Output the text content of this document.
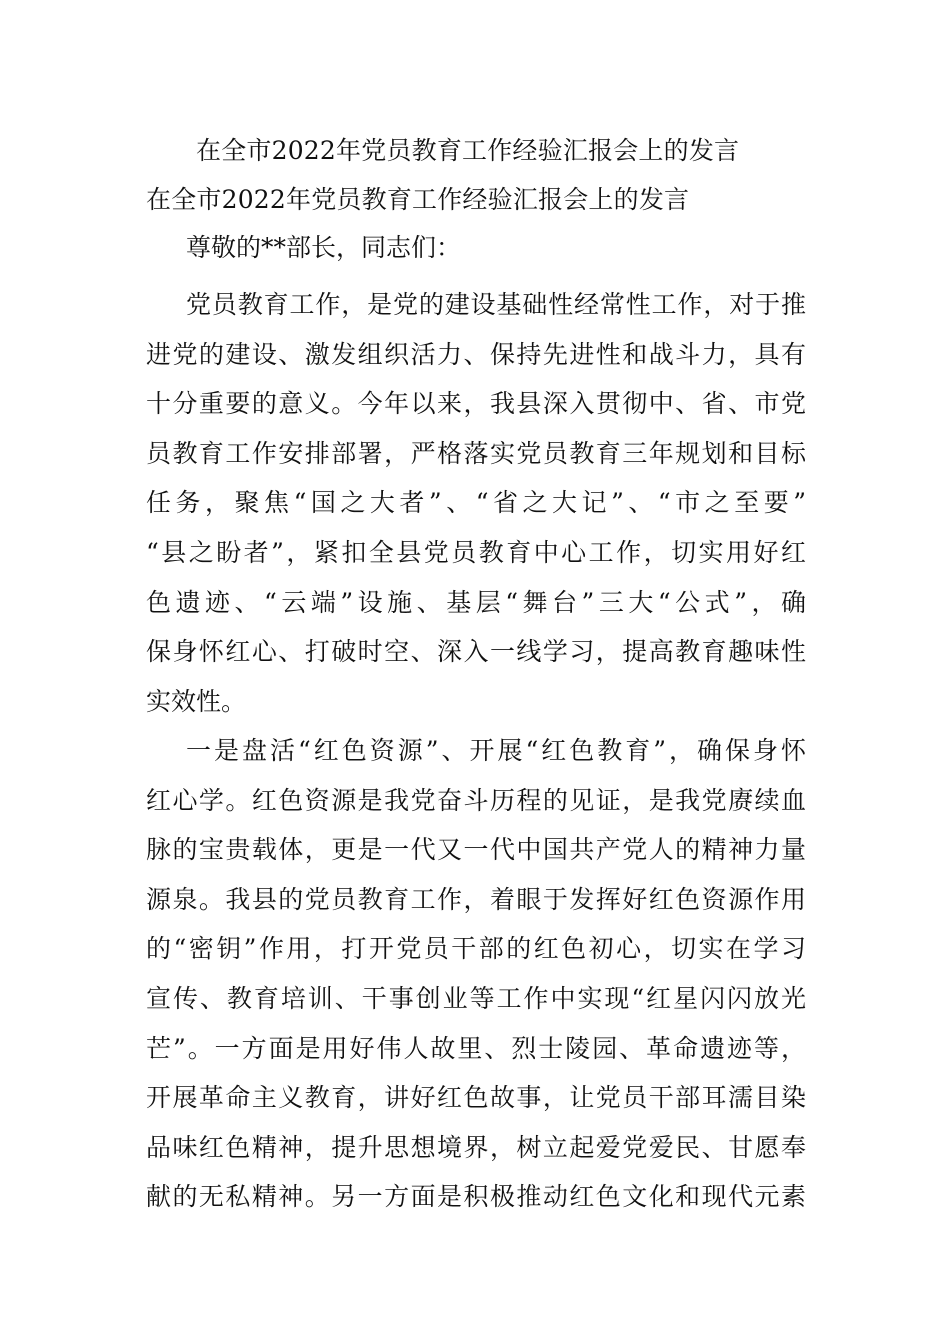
在全市2022年党员教育工作经验汇报会上的发言
在全市2022年党员教育工作经验汇报会上的发言
尊敬的**部长，同志们：
党员教育工作，是党的建设基础性经常性工作，对于推
进党的建设、激发组织活力、保持先进性和战斗力，具有
十分重要的意义。今年以来，我县深入贯彻中、省、市党
员教育工作安排部署，严格落实党员教育三年规划和目标
任务，聚焦“国之大者”、“省之大记”、“市之至要”
“县之盼者”，紧扣全县党员教育中心工作，切实用好红
色遗迹、“云端”设施、基层“舞台”三大“公式”，确
保身怀红心、打破时空、深入一线学习，提高教育趣味性
实效性。
一是盘活“红色资源”、开展“红色教育”，确保身怀
红心学。红色资源是我党奋斗历程的见证，是我党赓续血
脉的宝贵载体，更是一代又一代中国共产党人的精神力量
源泉。我县的党员教育工作，着眼于发挥好红色资源作用
的“密钥”作用，打开党员干部的红色初心，切实在学习
宣传、教育培训、干事创业等工作中实现“红星闪闪放光
芒”。一方面是用好伟人故里、烈士陵园、革命遗迹等，
开展革命主义教育，讲好红色故事，让党员干部耳濡目染
品味红色精神，提升思想境界，树立起爱党爱民、甘愿奉
献的无私精神。另一方面是积极推动红色文化和现代元素
